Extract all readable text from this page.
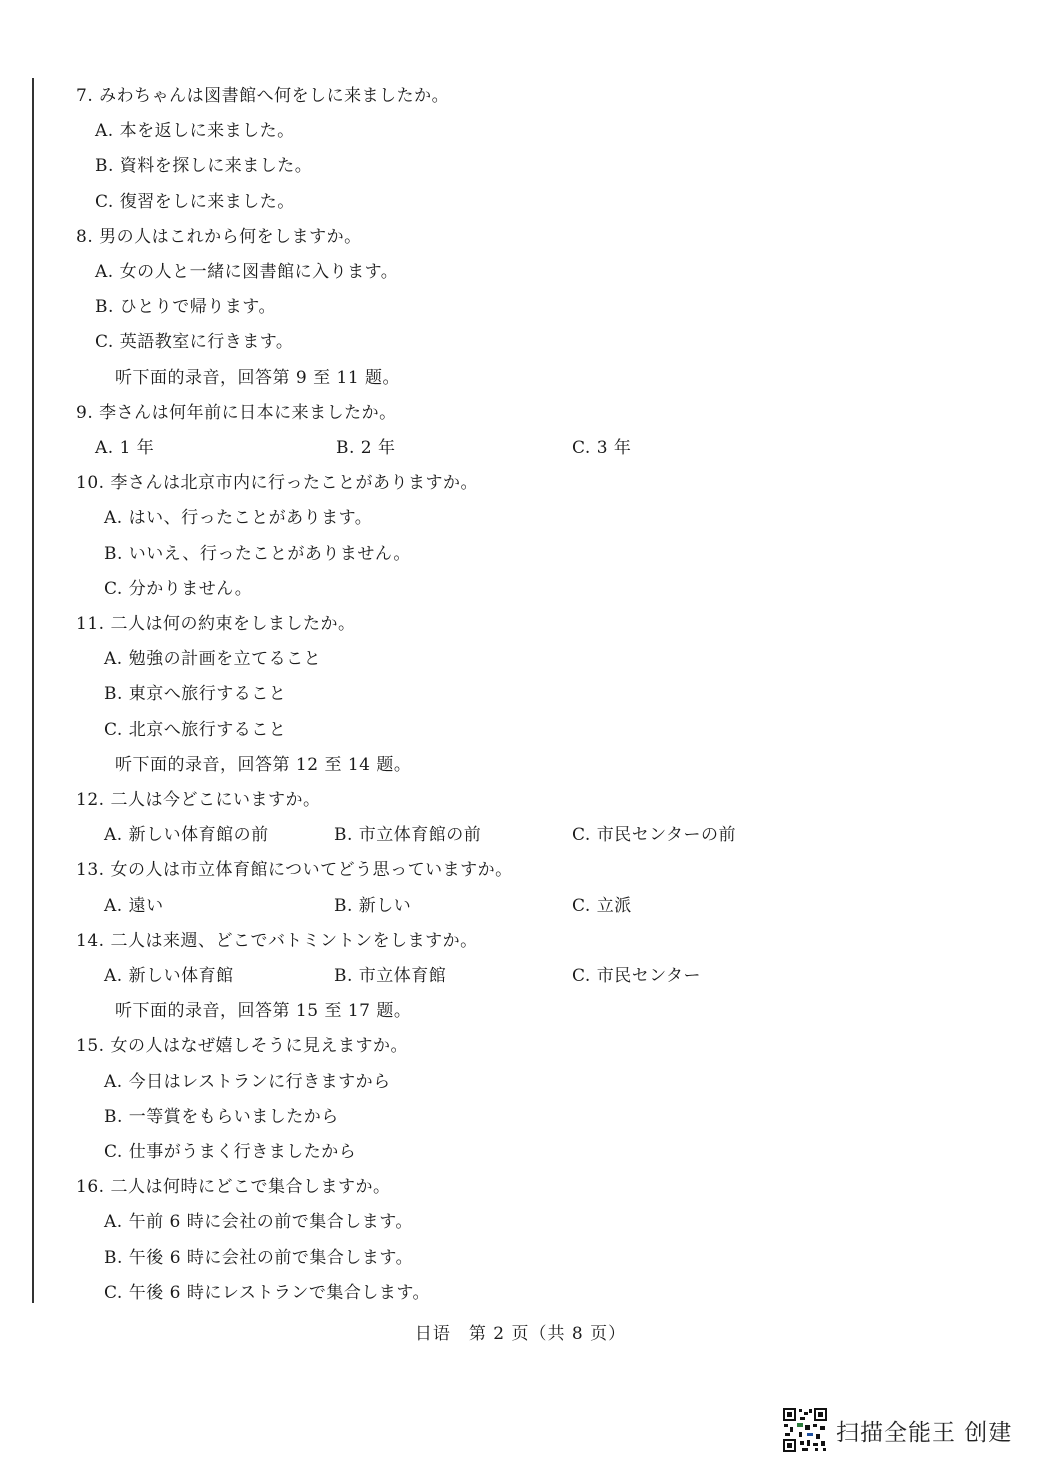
7. みわちゃんは図書館へ何をしに来ましたか。
A. 本を返しに来ました。
B. 資料を探しに来ました。
C. 復習をしに来ました。
8. 男の人はこれから何をしますか。
A. 女の人と一緒に図書館に入ります。
B. ひとりで帰ります。
C. 英語教室に行きます。
听下面的录音，回答第 9 至 11 题。
9. 李さんは何年前に日本に来ましたか。
A. 1 年	B. 2 年	C. 3 年
10. 李さんは北京市内に行ったことがありますか。
A. はい、行ったことがあります。
B. いいえ、行ったことがありません。
C. 分かりません。
11. 二人は何の約束をしましたか。
A. 勉強の計画を立てること
B. 東京へ旅行すること
C. 北京へ旅行すること
听下面的录音，回答第 12 至 14 题。
12. 二人は今どこにいますか。
A. 新しい体育館の前	B. 市立体育館の前	C. 市民センターの前
13. 女の人は市立体育館についてどう思っていますか。
A. 遠い	B. 新しい	C. 立派
14. 二人は来週、どこでバトミントンをしますか。
A. 新しい体育館	B. 市立体育館	C. 市民センター
听下面的录音，回答第 15 至 17 题。
15. 女の人はなぜ嬉しそうに見えますか。
A. 今日はレストランに行きますから
B. 一等賞をもらいましたから
C. 仕事がうまく行きましたから
16. 二人は何時にどこで集合しますか。
A. 午前 6 時に会社の前で集合します。
B. 午後 6 時に会社の前で集合します。
C. 午後 6 時にレストランで集合します。
日语　第 2 页（共 8 页）
扫描全能王 创建
